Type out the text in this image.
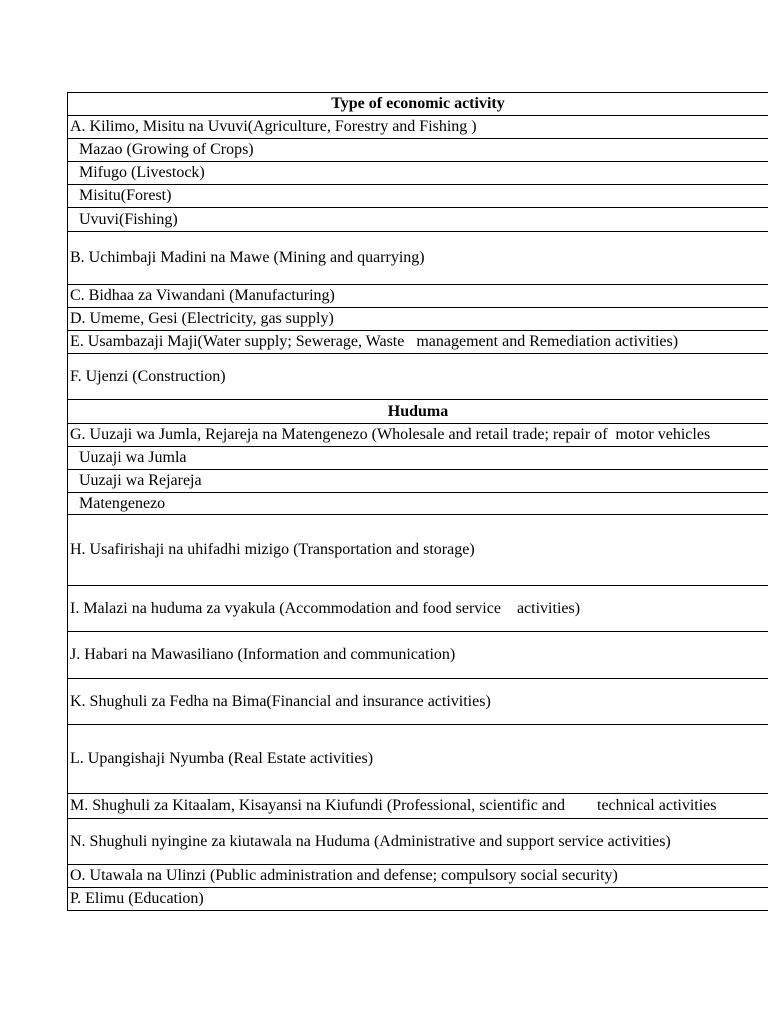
Type of economic activity
A. Kilimo, Misitu na Uvuvi(Agriculture, Forestry and Fishing )
Mazao (Growing of Crops)
Mifugo (Livestock)
Misitu(Forest)
Uvuvi(Fishing)
B. Uchimbaji Madini na Mawe (Mining and quarrying)
C. Bidhaa za Viwandani (Manufacturing)
D. Umeme, Gesi (Electricity, gas supply)
E. Usambazaji Maji(Water supply; Sewerage, Waste   management and Remediation activities)
F. Ujenzi (Construction)
Huduma
G. Uuzaji wa Jumla, Rejareja na Matengenezo (Wholesale and retail trade; repair of  motor vehicles
Uuzaji wa Jumla
Uuzaji wa Rejareja
Matengenezo
H. Usafirishaji na uhifadhi mizigo (Transportation and storage)
I. Malazi na huduma za vyakula (Accommodation and food service    activities)
J. Habari na Mawasiliano (Information and communication)
K. Shughuli za Fedha na Bima(Financial and insurance activities)
L. Upangishaji Nyumba (Real Estate activities)
M. Shughuli za Kitaalam, Kisayansi na Kiufundi (Professional, scientific and        technical activities
N. Shughuli nyingine za kiutawala na Huduma (Administrative and support service activities)
O. Utawala na Ulinzi (Public administration and defense; compulsory social security)
P. Elimu (Education)
